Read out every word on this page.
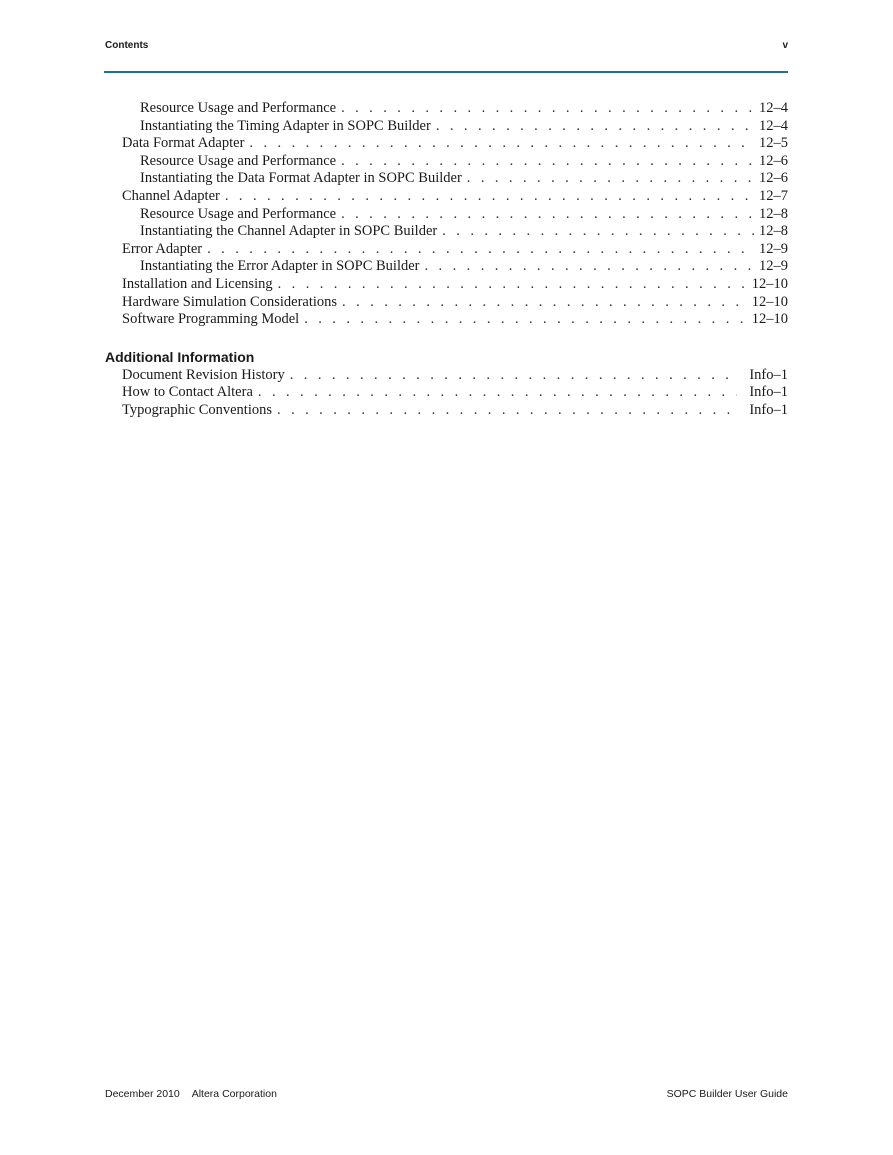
Contents	v
Resource Usage and Performance . . .	12–4
Instantiating the Timing Adapter in SOPC Builder . . .	12–4
Data Format Adapter . . .	12–5
Resource Usage and Performance . . .	12–6
Instantiating the Data Format Adapter in SOPC Builder . . .	12–6
Channel Adapter . . .	12–7
Resource Usage and Performance . . .	12–8
Instantiating the Channel Adapter in SOPC Builder . . .	12–8
Error Adapter . . .	12–9
Instantiating the Error Adapter in SOPC Builder . . .	12–9
Installation and Licensing . . .	12–10
Hardware Simulation Considerations . . .	12–10
Software Programming Model . . .	12–10
Additional Information
Document Revision History . . .	Info–1
How to Contact Altera . . .	Info–1
Typographic Conventions . . .	Info–1
December 2010 Altera Corporation	SOPC Builder User Guide
